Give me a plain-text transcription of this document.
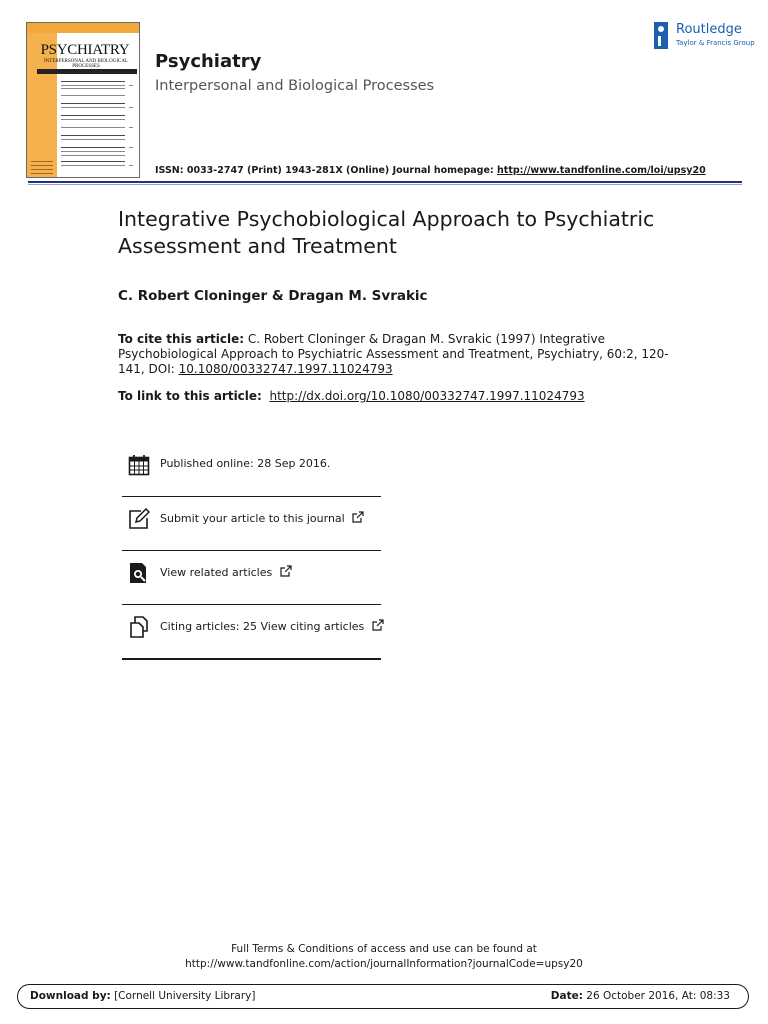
PSYCHIATRY
INTERPERSONAL AND BIOLOGICAL PROCESSES	Psychiatry
Interpersonal and Biological Processes
ISSN: 0033-2747 (Print) 1943-281X (Online) Journal homepage: http://www.tandfonline.com/loi/upsy20
Routledge
Taylor & Francis Group
Integrative Psychobiological Approach to Psychiatric Assessment and Treatment
C. Robert Cloninger & Dragan M. Svrakic
To cite this article: C. Robert Cloninger & Dragan M. Svrakic (1997) Integrative Psychobiological Approach to Psychiatric Assessment and Treatment, Psychiatry, 60:2, 120-141, DOI: 10.1080/00332747.1997.11024793
To link to this article: http://dx.doi.org/10.1080/00332747.1997.11024793
Published online: 28 Sep 2016.
Submit your article to this journal
View related articles
Citing articles: 25 View citing articles
Full Terms & Conditions of access and use can be found at
http://www.tandfonline.com/action/journalInformation?journalCode=upsy20
Download by: [Cornell University Library]	Date: 26 October 2016, At: 08:33
